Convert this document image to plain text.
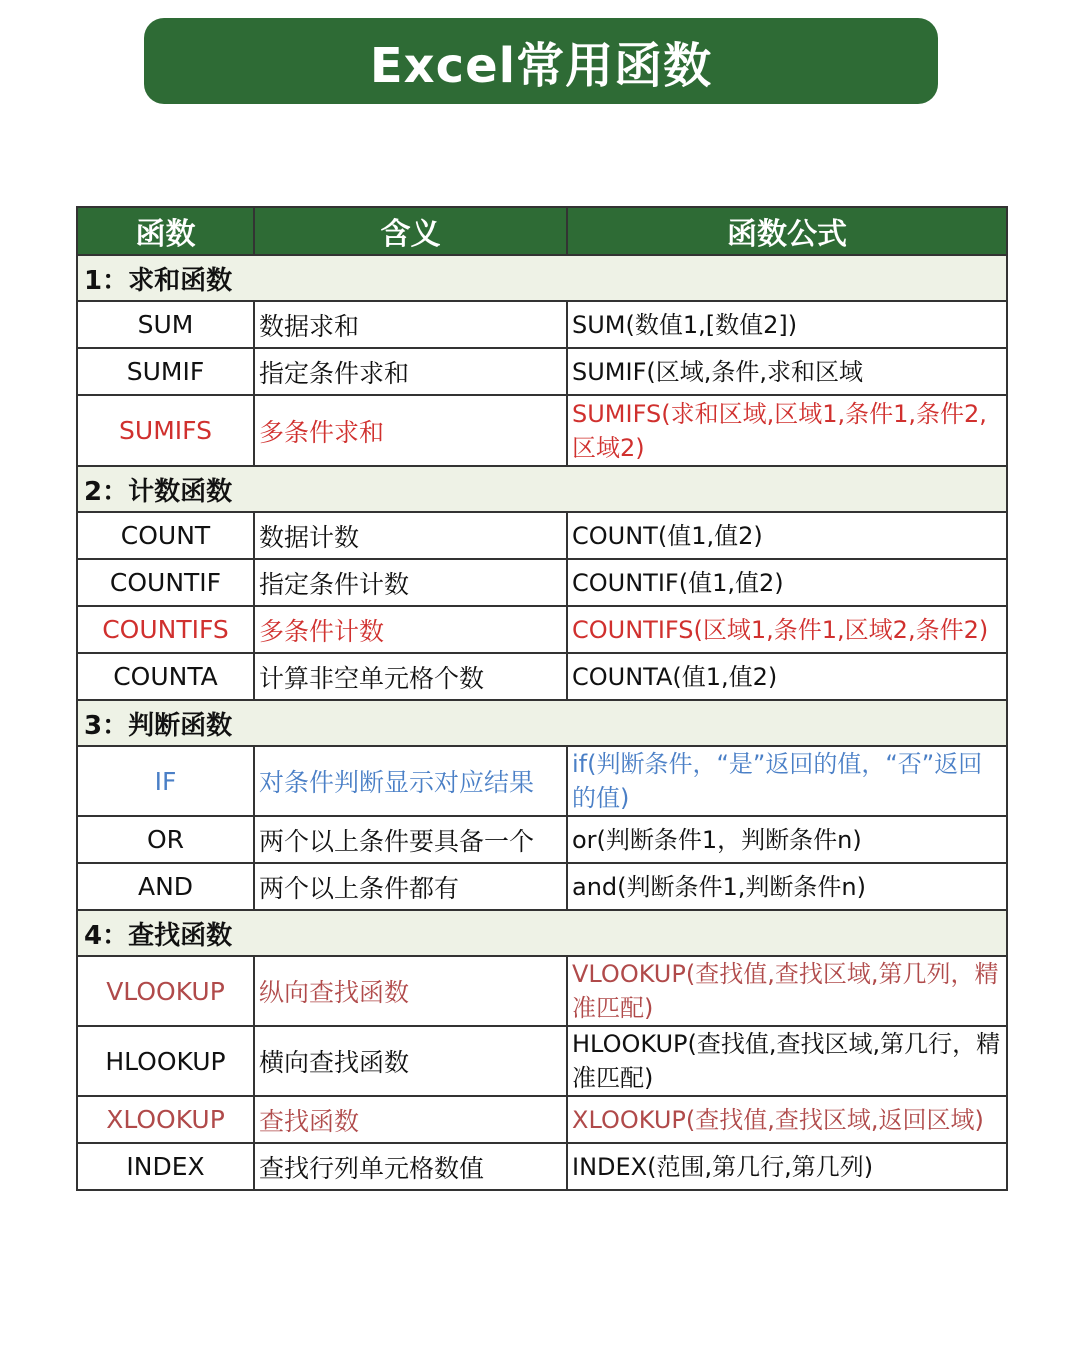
Excel常用函数
函数	含义	函数公式
1：求和函数		
SUM	数据求和	SUM(数值1,[数值2])
SUMIF	指定条件求和	SUMIF(区域,条件,求和区域
SUMIFS	多条件求和	SUMIFS(求和区域,区域1,条件1,条件2,区域2)
2：计数函数		
COUNT	数据计数	COUNT(值1,值2)
COUNTIF	指定条件计数	COUNTIF(值1,值2)
COUNTIFS	多条件计数	COUNTIFS(区域1,条件1,区域2,条件2)
COUNTA	计算非空单元格个数	COUNTA(值1,值2)
3：判断函数		
IF	对条件判断显示对应结果	if(判断条件，“是”返回的值，“否”返回的值)
OR	两个以上条件要具备一个	or(判断条件1，判断条件n)
AND	两个以上条件都有	and(判断条件1,判断条件n)
4：查找函数		
VLOOKUP	纵向查找函数	VLOOKUP(查找值,查找区域,第几列，精准匹配)
HLOOKUP	横向查找函数	HLOOKUP(查找值,查找区域,第几行，精准匹配)
XLOOKUP	查找函数	XLOOKUP(查找值,查找区域,返回区域)
INDEX	查找行列单元格数值	INDEX(范围,第几行,第几列)
